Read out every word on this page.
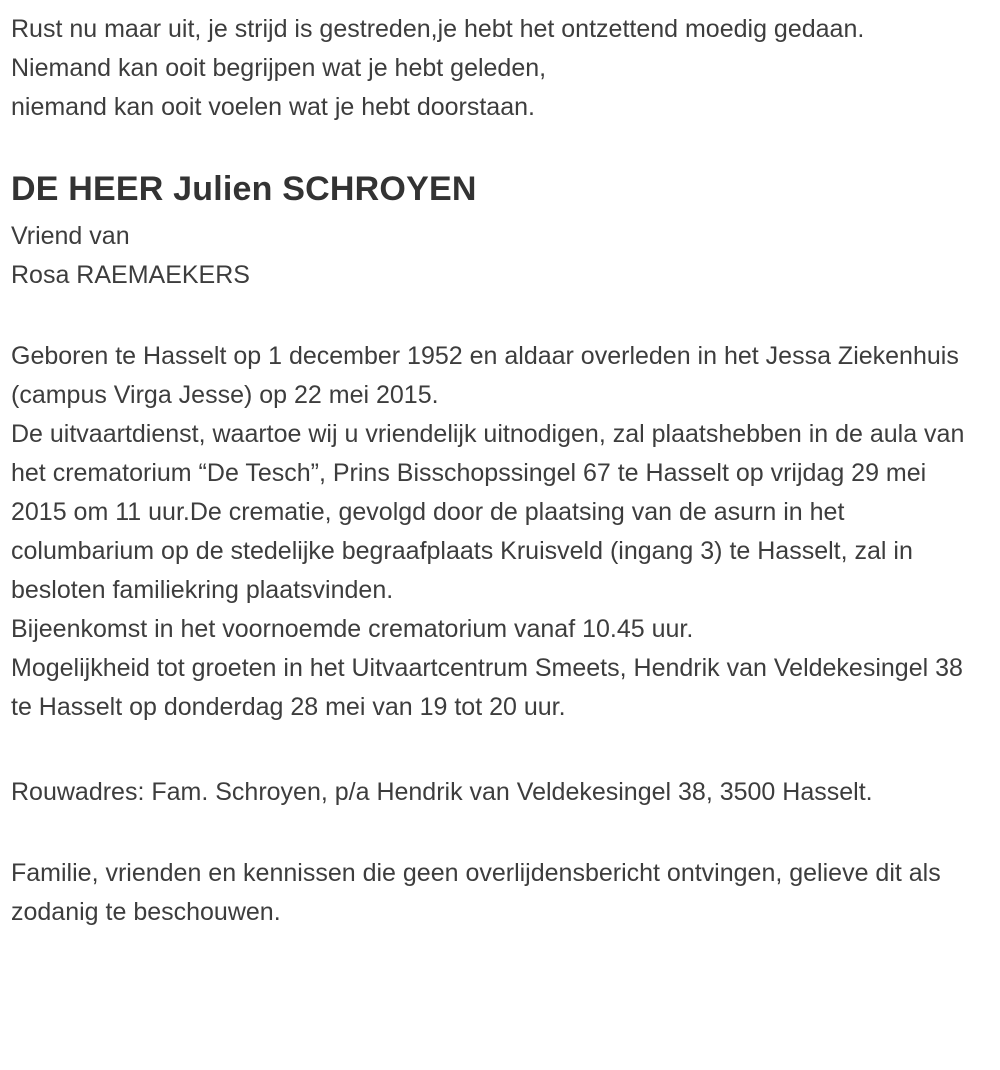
Rust nu maar uit, je strijd is gestreden,je hebt het ontzettend moedig gedaan.

Niemand kan ooit begrijpen wat je hebt geleden,

niemand kan ooit voelen wat je hebt doorstaan.

DE HEER Julien SCHROYEN

Vriend van

Rosa RAEMAEKERS

Geboren te Hasselt op 1 december 1952 en aldaar overleden in het Jessa Ziekenhuis (campus Virga Jesse) op 22 mei 2015.

De uitvaartdienst, waartoe wij u vriendelijk uitnodigen, zal plaatshebben in de aula van het crematorium “De Tesch”, Prins Bisschopssingel 67 te Hasselt op vrijdag 29 mei 2015 om 11 uur.De crematie, gevolgd door de plaatsing van de asurn in het columbarium op de stedelijke begraafplaats Kruisveld (ingang 3) te Hasselt, zal in besloten familiekring plaatsvinden.

Bijeenkomst in het voornoemde crematorium vanaf 10.45 uur.

Mogelijkheid tot groeten in het Uitvaartcentrum Smeets, Hendrik van Veldekesingel 38 te Hasselt op donderdag 28 mei van 19 tot 20 uur.

Rouwadres: Fam. Schroyen, p/a Hendrik van Veldekesingel 38, 3500 Hasselt.

Familie, vrienden en kennissen die geen overlijdensbericht ontvingen, gelieve dit als zodanig te beschouwen.
